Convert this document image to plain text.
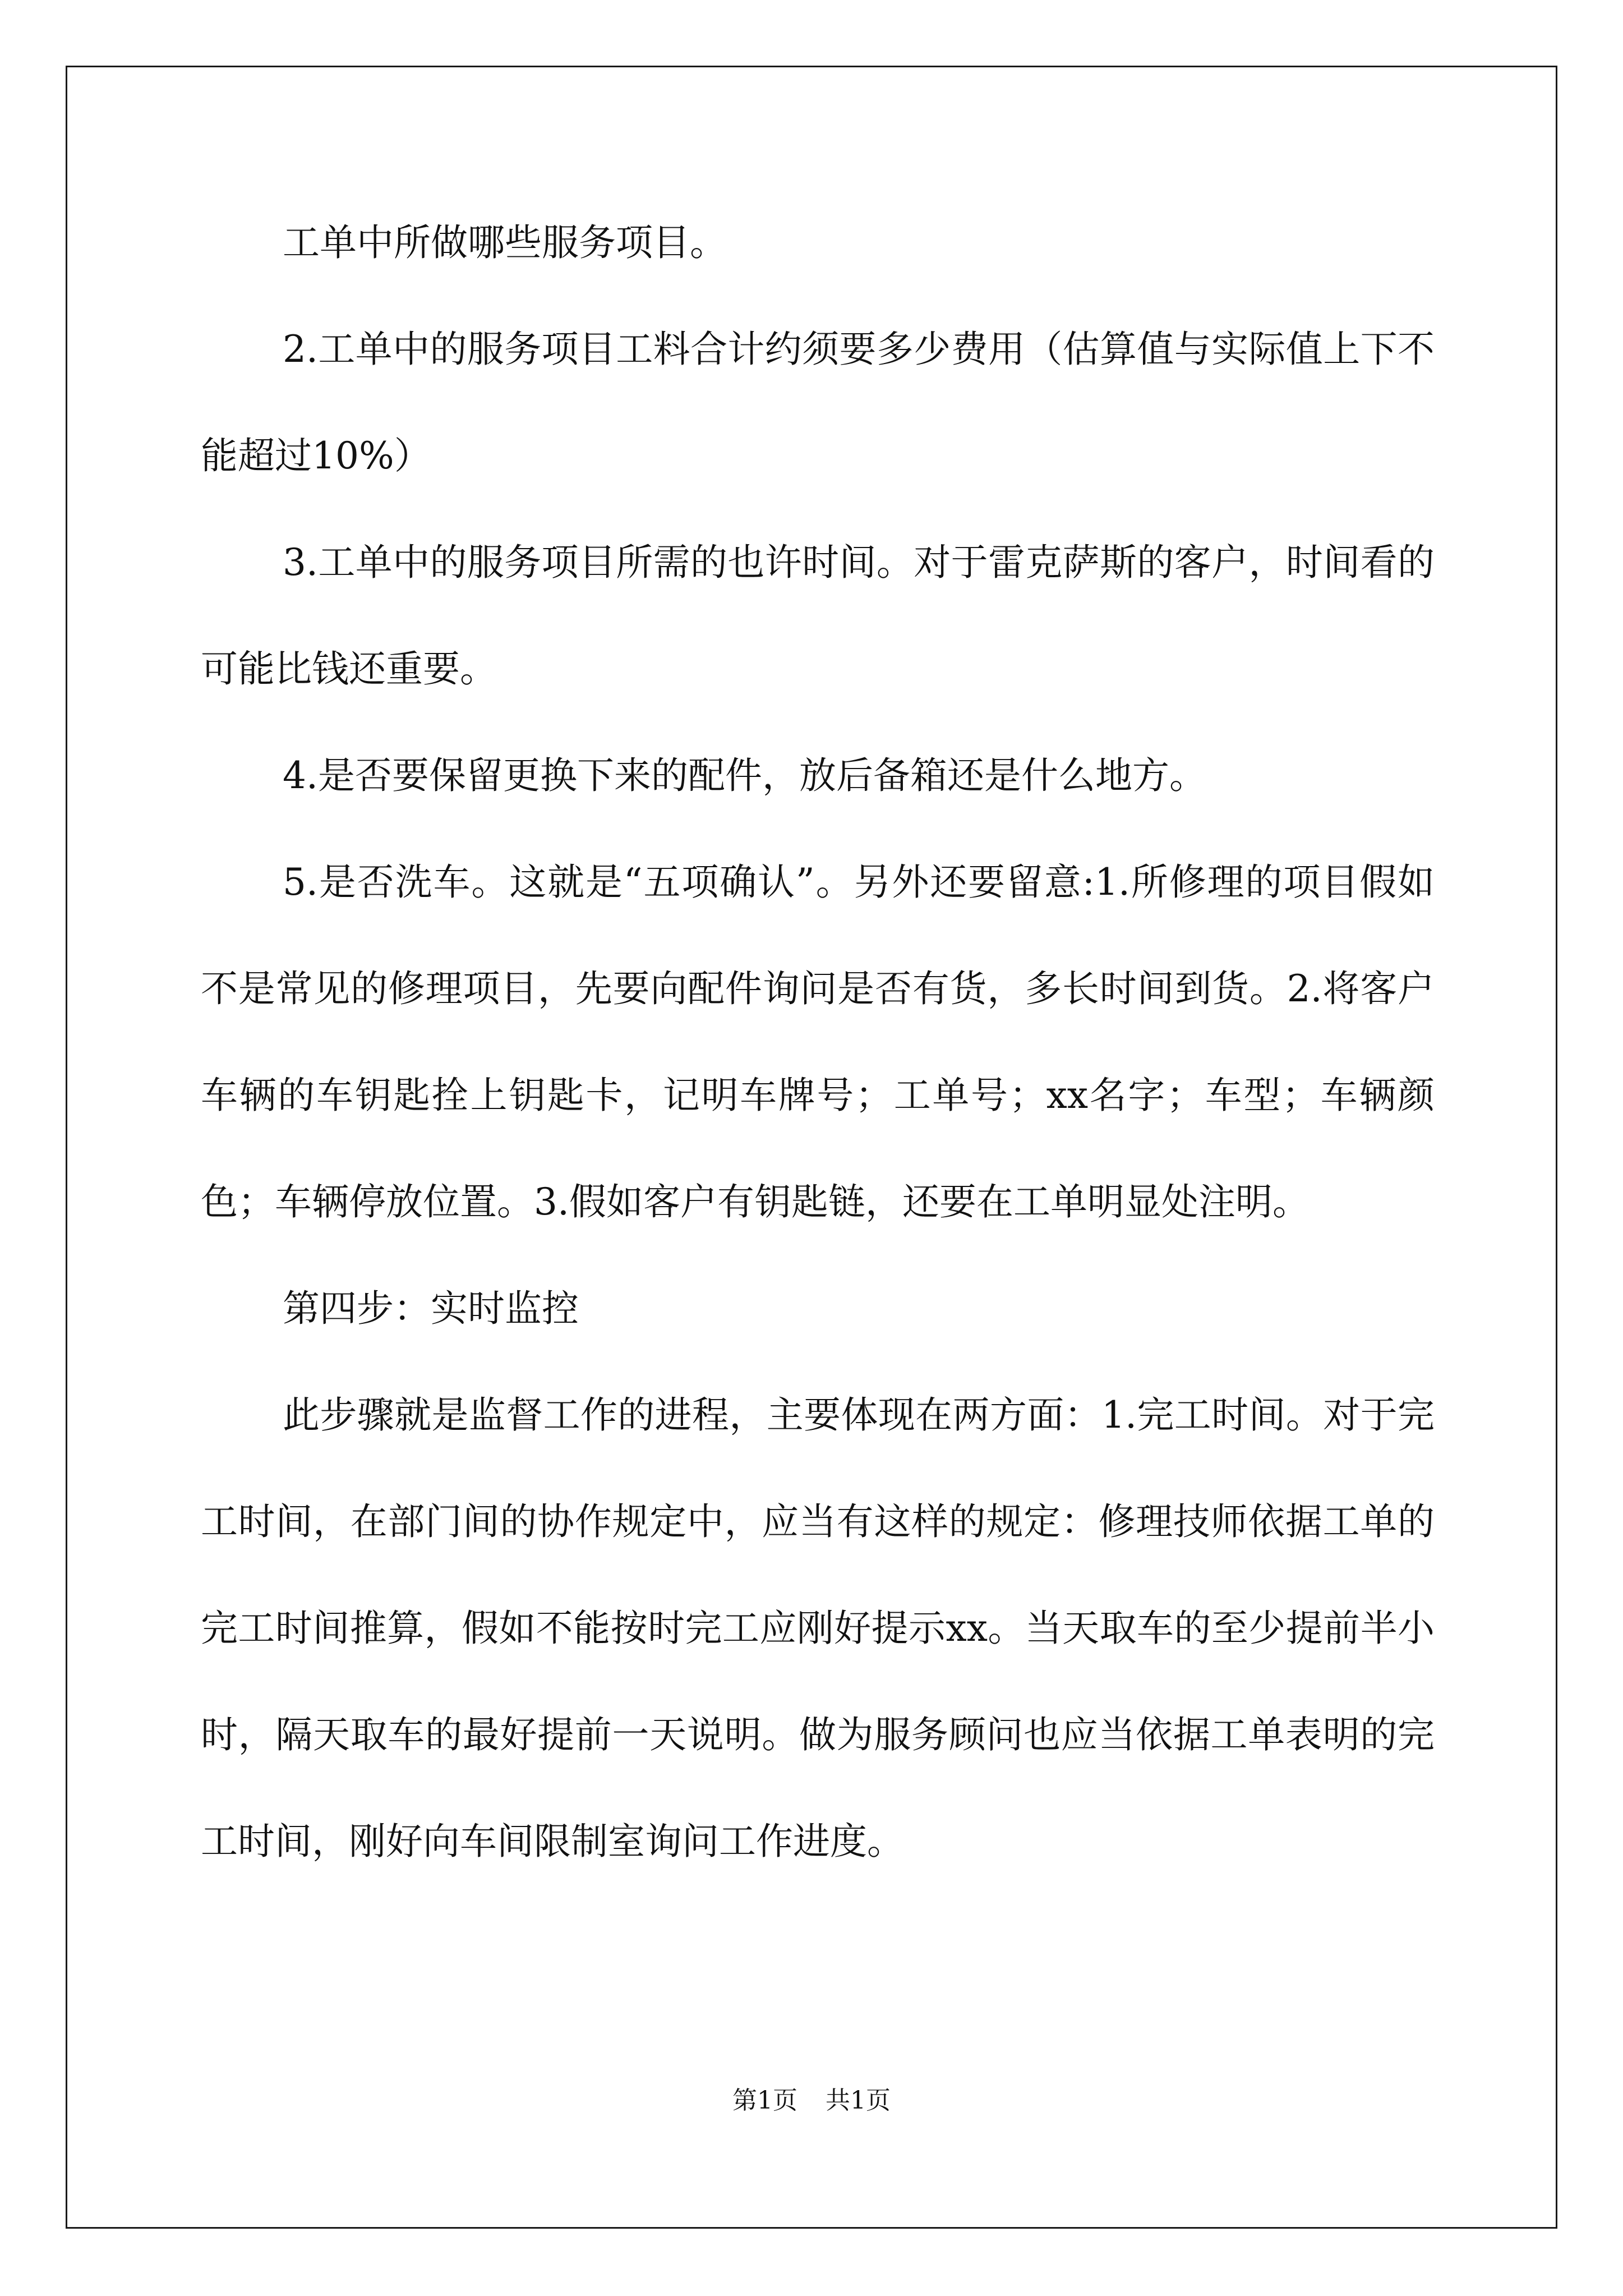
工单中所做哪些服务项目。

2.工单中的服务项目工料合计约须要多少费用（估算值与实际值上下不能超过10%）

3.工单中的服务项目所需的也许时间。对于雷克萨斯的客户，时间看的可能比钱还重要。

4.是否要保留更换下来的配件，放后备箱还是什么地方。

5.是否洗车。这就是“五项确认”。另外还要留意:1.所修理的项目假如不是常见的修理项目，先要向配件询问是否有货，多长时间到货。2.将客户车辆的车钥匙拴上钥匙卡，记明车牌号；工单号；xx名字；车型；车辆颜色；车辆停放位置。3.假如客户有钥匙链，还要在工单明显处注明。

第四步：实时监控

此步骤就是监督工作的进程，主要体现在两方面：1.完工时间。对于完工时间，在部门间的协作规定中，应当有这样的规定：修理技师依据工单的完工时间推算，假如不能按时完工应刚好提示xx。当天取车的至少提前半小时，隔天取车的最好提前一天说明。做为服务顾问也应当依据工单表明的完工时间，刚好向车间限制室询问工作进度。

第1页 共1页
